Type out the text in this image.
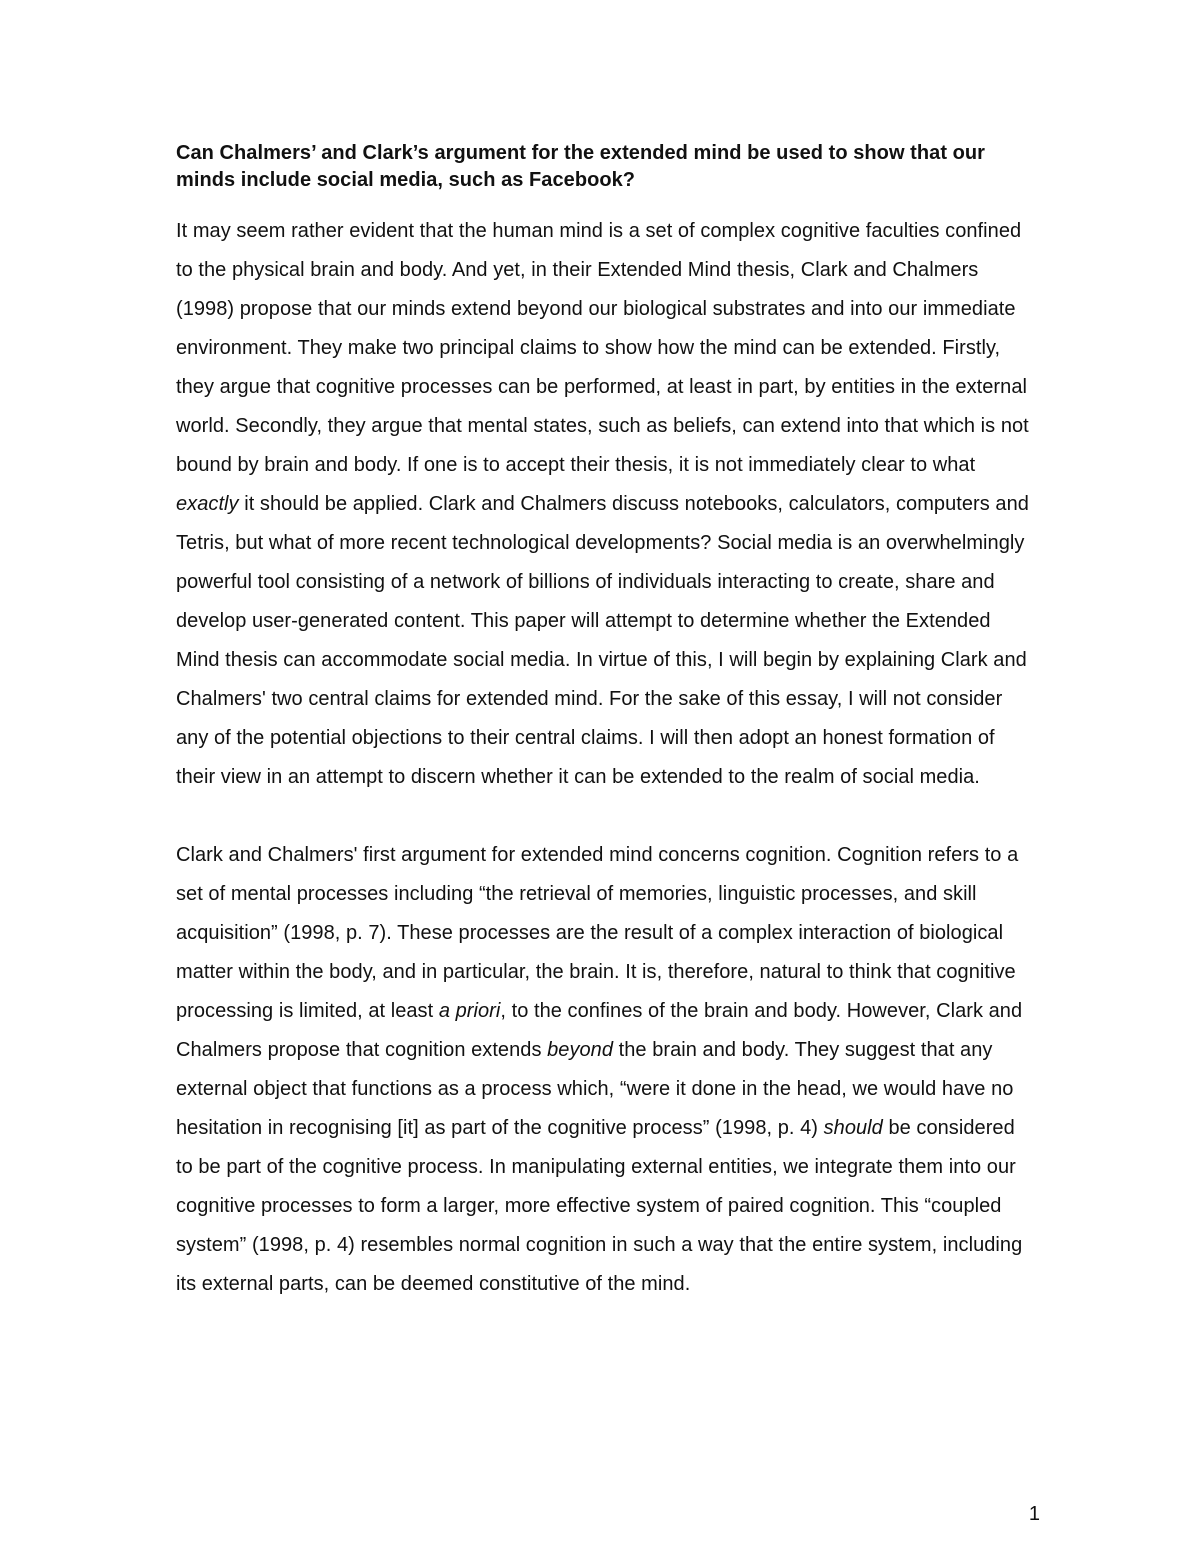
Can Chalmers’ and Clark’s argument for the extended mind be used to show that our minds include social media, such as Facebook?

It may seem rather evident that the human mind is a set of complex cognitive faculties confined to the physical brain and body. And yet, in their Extended Mind thesis, Clark and Chalmers (1998) propose that our minds extend beyond our biological substrates and into our immediate environment. They make two principal claims to show how the mind can be extended. Firstly, they argue that cognitive processes can be performed, at least in part, by entities in the external world. Secondly, they argue that mental states, such as beliefs, can extend into that which is not bound by brain and body. If one is to accept their thesis, it is not immediately clear to what exactly it should be applied. Clark and Chalmers discuss notebooks, calculators, computers and Tetris, but what of more recent technological developments? Social media is an overwhelmingly powerful tool consisting of a network of billions of individuals interacting to create, share and develop user-generated content. This paper will attempt to determine whether the Extended Mind thesis can accommodate social media. In virtue of this, I will begin by explaining Clark and Chalmers' two central claims for extended mind. For the sake of this essay, I will not consider any of the potential objections to their central claims. I will then adopt an honest formation of their view in an attempt to discern whether it can be extended to the realm of social media.

Clark and Chalmers' first argument for extended mind concerns cognition. Cognition refers to a set of mental processes including “the retrieval of memories, linguistic processes, and skill acquisition” (1998, p. 7). These processes are the result of a complex interaction of biological matter within the body, and in particular, the brain. It is, therefore, natural to think that cognitive processing is limited, at least a priori, to the confines of the brain and body. However, Clark and Chalmers propose that cognition extends beyond the brain and body. They suggest that any external object that functions as a process which, “were it done in the head, we would have no hesitation in recognising [it] as part of the cognitive process” (1998, p. 4) should be considered to be part of the cognitive process. In manipulating external entities, we integrate them into our cognitive processes to form a larger, more effective system of paired cognition. This “coupled system” (1998, p. 4) resembles normal cognition in such a way that the entire system, including its external parts, can be deemed constitutive of the mind.

1
